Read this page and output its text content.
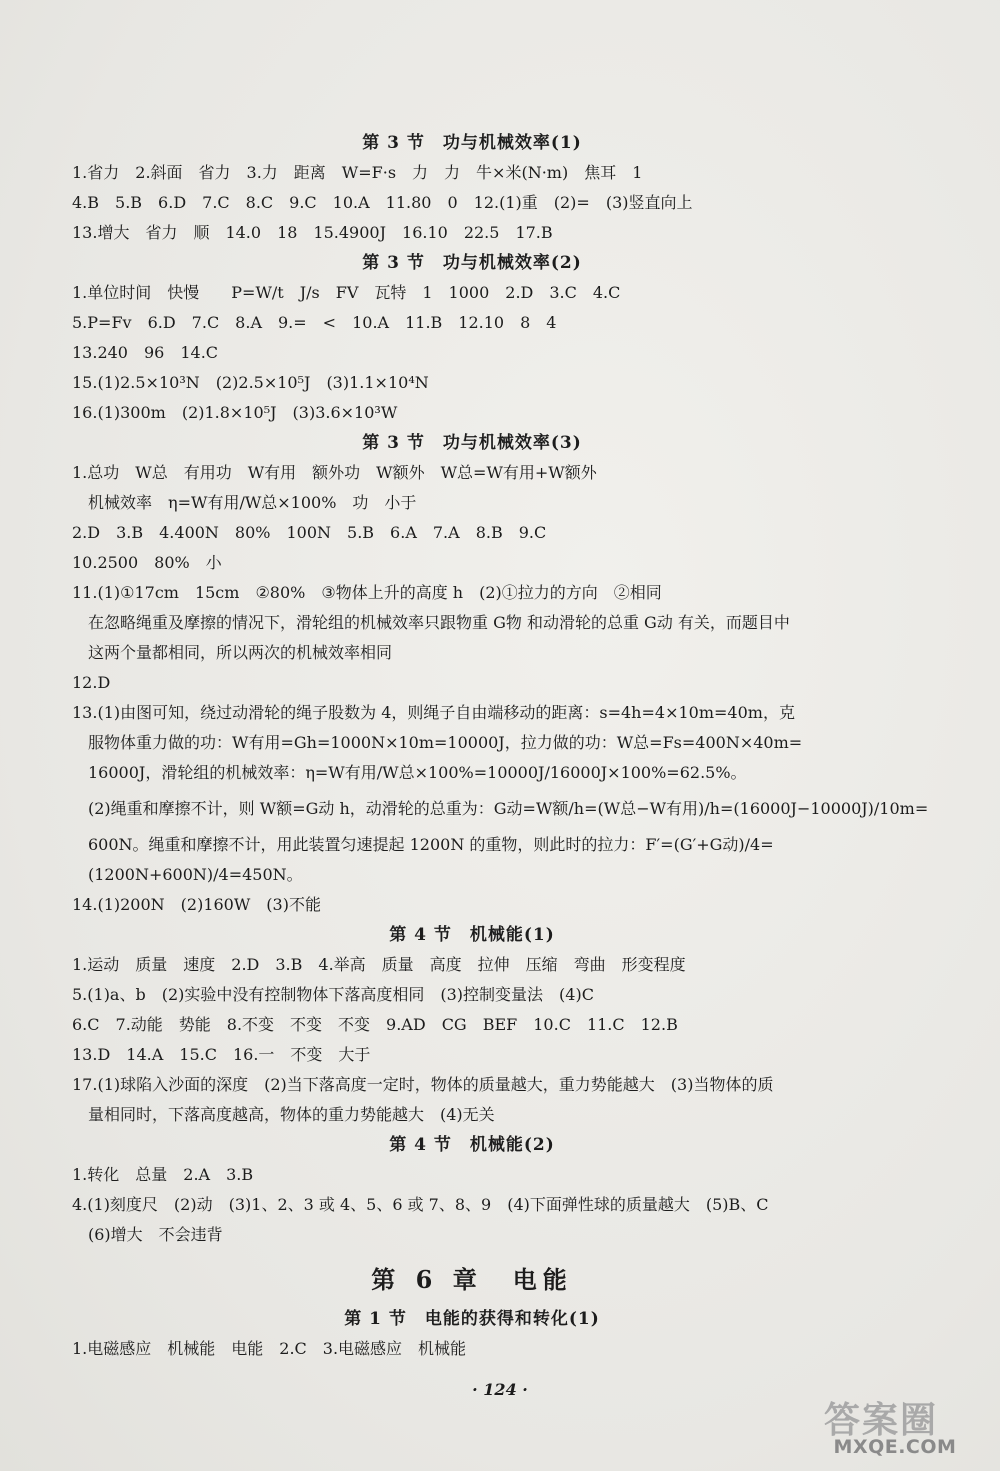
第 3 节　功与机械效率(1)
1.省力　2.斜面　省力　3.力　距离　W=F·s　力　力　牛×米(N·m)　焦耳　1
4.B　5.B　6.D　7.C　8.C　9.C　10.A　11.80　0　12.(1)重　(2)=　(3)竖直向上
13.增大　省力　顺　14.0　18　15.4900J　16.10　22.5　17.B
第 3 节　功与机械效率(2)
1.单位时间　快慢　　P=W/t　J/s　FV　瓦特　1　1000　2.D　3.C　4.C
5.P=Fv　6.D　7.C　8.A　9.=　<　10.A　11.B　12.10　8　4
13.240　96　14.C
15.(1)2.5×10³N　(2)2.5×10⁵J　(3)1.1×10⁴N
16.(1)300m　(2)1.8×10⁵J　(3)3.6×10³W
第 3 节　功与机械效率(3)
1.总功　W总　有用功　W有用　额外功　W额外　W总=W有用+W额外
　机械效率　η=W有用/W总×100%　功　小于
2.D　3.B　4.400N　80%　100N　5.B　6.A　7.A　8.B　9.C
10.2500　80%　小
11.(1)①17cm　15cm　②80%　③物体上升的高度 h　(2)①拉力的方向　②相同
　在忽略绳重及摩擦的情况下，滑轮组的机械效率只跟物重 G物 和动滑轮的总重 G动 有关，而题目中
　这两个量都相同，所以两次的机械效率相同
12.D
13.(1)由图可知，绕过动滑轮的绳子股数为 4，则绳子自由端移动的距离：s=4h=4×10m=40m，克
　服物体重力做的功：W有用=Gh=1000N×10m=10000J，拉力做的功：W总=Fs=400N×40m=
　16000J，滑轮组的机械效率：η=W有用/W总×100%=10000J/16000J×100%=62.5%。
　(2)绳重和摩擦不计，则 W额=G动 h，动滑轮的总重为：G动=W额/h=(W总−W有用)/h=(16000J−10000J)/10m=
　600N。绳重和摩擦不计，用此装置匀速提起 1200N 的重物，则此时的拉力：F′=(G′+G动)/4=
　(1200N+600N)/4=450N。
14.(1)200N　(2)160W　(3)不能
第 4 节　机械能(1)
1.运动　质量　速度　2.D　3.B　4.举高　质量　高度　拉伸　压缩　弯曲　形变程度
5.(1)a、b　(2)实验中没有控制物体下落高度相同　(3)控制变量法　(4)C
6.C　7.动能　势能　8.不变　不变　不变　9.AD　CG　BEF　10.C　11.C　12.B
13.D　14.A　15.C　16.一　不变　大于
17.(1)球陷入沙面的深度　(2)当下落高度一定时，物体的质量越大，重力势能越大　(3)当物体的质
　量相同时，下落高度越高，物体的重力势能越大　(4)无关
第 4 节　机械能(2)
1.转化　总量　2.A　3.B
4.(1)刻度尺　(2)动　(3)1、2、3 或 4、5、6 或 7、8、9　(4)下面弹性球的质量越大　(5)B、C
　(6)增大　不会违背
第 6 章　电能
第 1 节　电能的获得和转化(1)
1.电磁感应　机械能　电能　2.C　3.电磁感应　机械能
· 124 ·
答案圈
MXQE.COM
